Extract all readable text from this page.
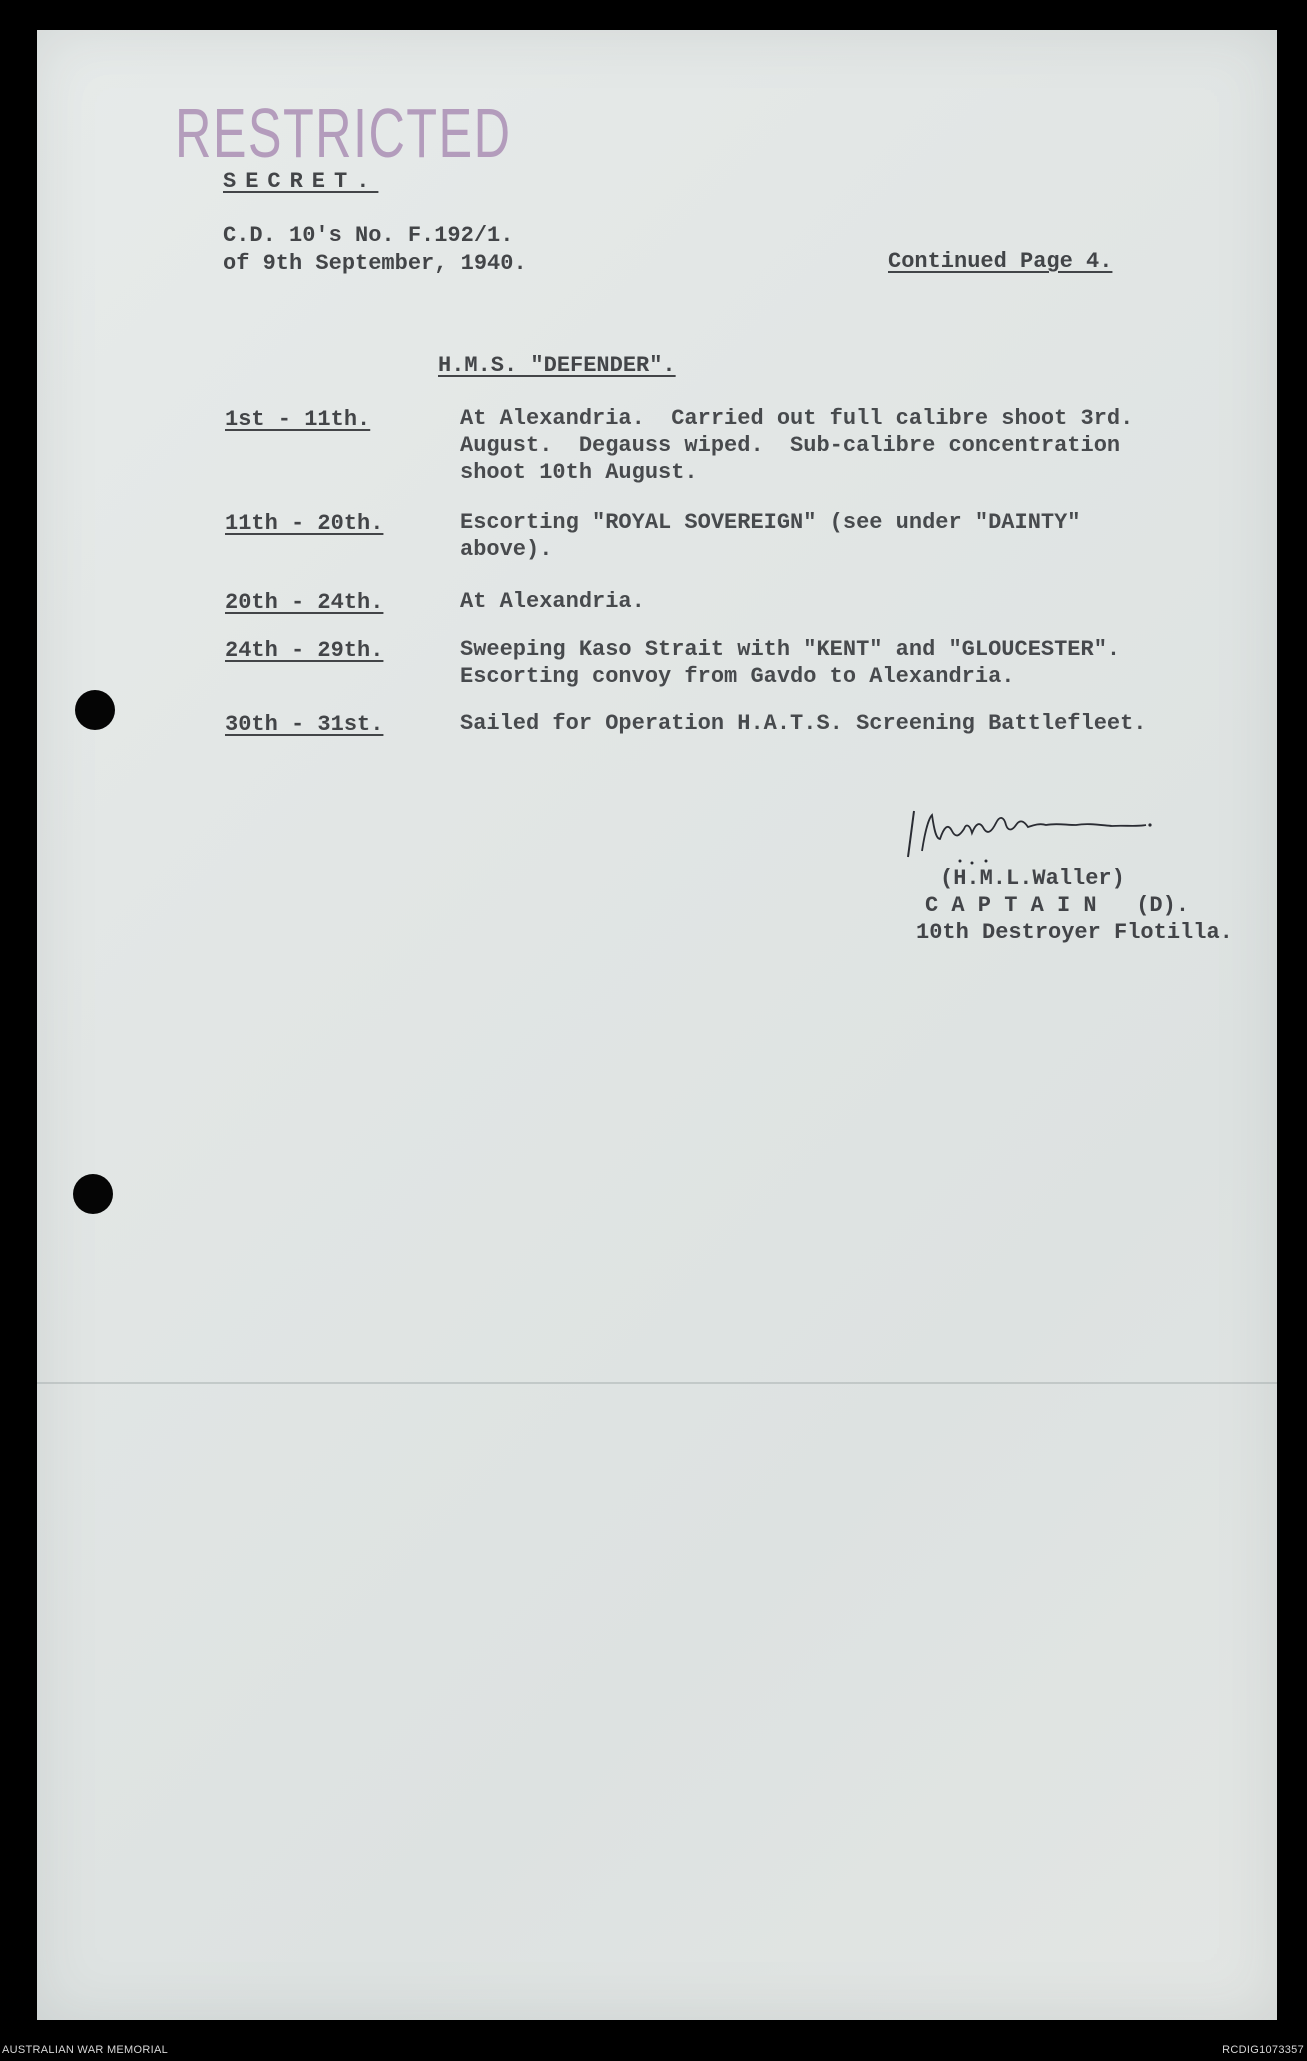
RESTRICTED
SECRET.
C.D. 10's No. F.192/1.
of 9th September, 1940.	Continued Page 4.
H.M.S. "DEFENDER".
1st - 11th.	At Alexandria.  Carried out full calibre shoot 3rd.
August.  Degauss wiped.  Sub-calibre concentration
shoot 10th August.
11th - 20th.	Escorting "ROYAL SOVEREIGN" (see under "DAINTY"
above).
20th - 24th.	At Alexandria.
24th - 29th.	Sweeping Kaso Strait with "KENT" and "GLOUCESTER".
Escorting convoy from Gavdo to Alexandria.
30th - 31st.	Sailed for Operation H.A.T.S. Screening Battlefleet.
(H.M.L.Waller)
C A P T A I N   (D).
10th Destroyer Flotilla.
AUSTRALIAN WAR MEMORIAL	RCDIG1073357
